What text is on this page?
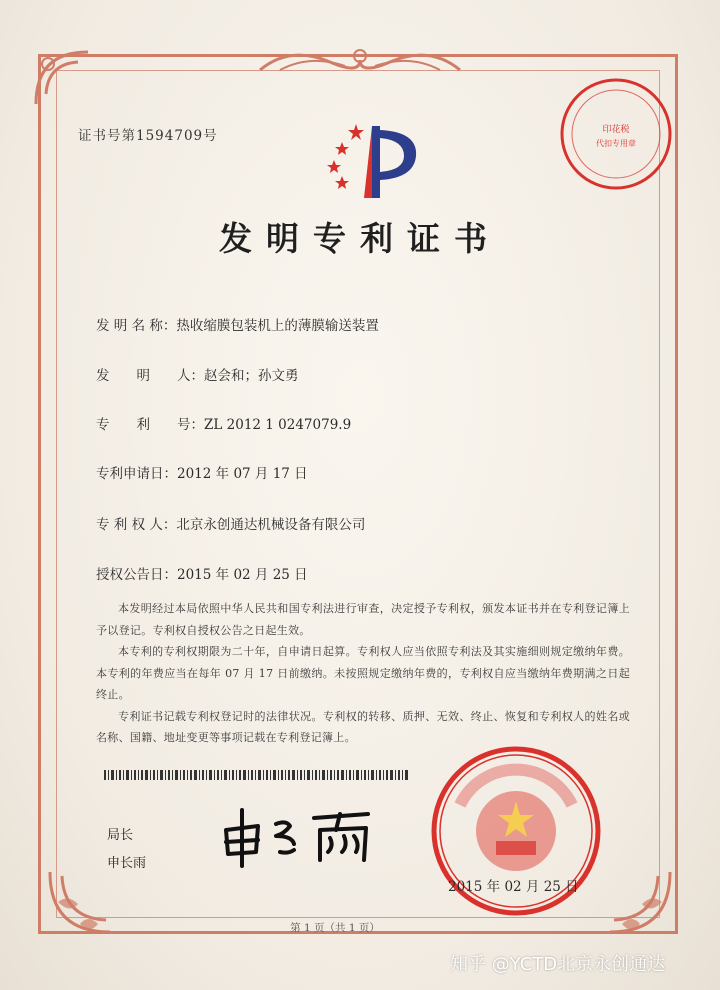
证书号第1594709号
发明专利证书
发 明 名 称：热收缩膜包装机上的薄膜输送装置
发　　明　　人：赵会和；孙文勇
专　　利　　号：ZL 2012 1 0247079.9
专利申请日：2012 年 07 月 17 日
专 利 权 人：北京永创通达机械设备有限公司
授权公告日：2015 年 02 月 25 日

本发明经过本局依照中华人民共和国专利法进行审查，决定授予专利权，颁发本证书并在专利登记簿上予以登记。专利权自授权公告之日起生效。

本专利的专利权期限为二十年，自申请日起算。专利权人应当依照专利法及其实施细则规定缴纳年费。本专利的年费应当在每年 07 月 17 日前缴纳。未按照规定缴纳年费的，专利权自应当缴纳年费期满之日起终止。

专利证书记载专利权登记时的法律状况。专利权的转移、质押、无效、终止、恢复和专利权人的姓名或名称、国籍、地址变更等事项记载在专利登记簿上。

局长
申长雨
印花税
代扣专用章
2015 年 02 月 25 日
第 1 页（共 1 页）
知乎 @YCTD北京永创通达
